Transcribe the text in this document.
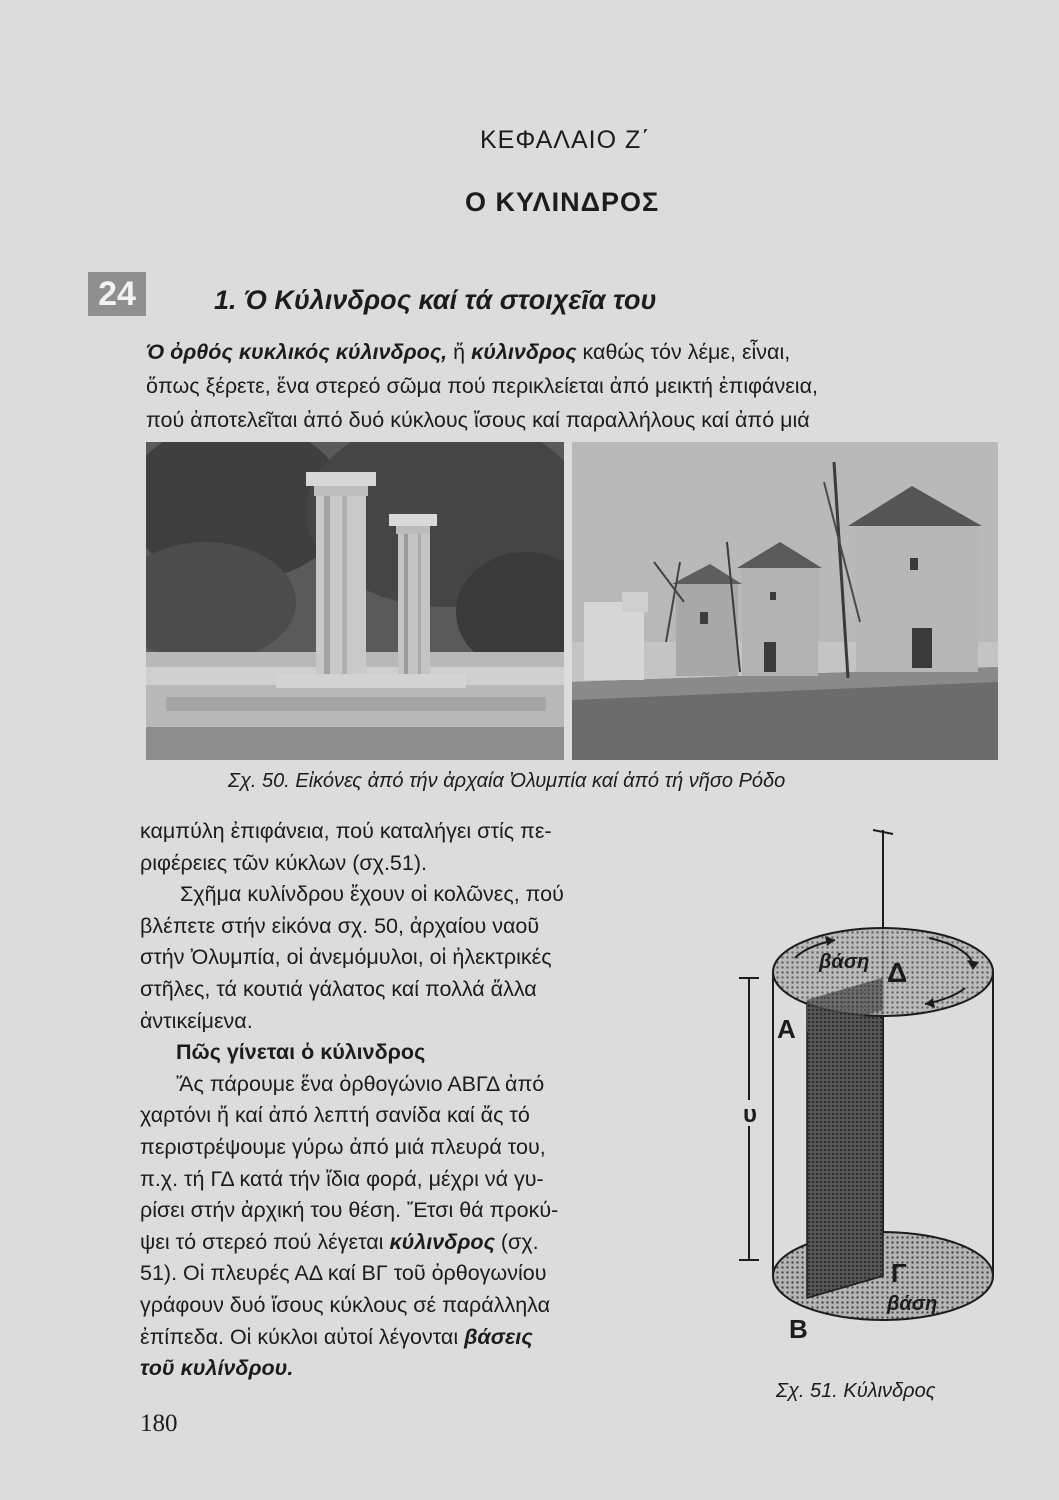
ΚΕΦΑΛΑΙΟ Ζ΄
Ο ΚΥΛΙΝΔΡΟΣ
24	1. Ό Κύλινδρος καί τά στοιχεῖα του
Ό ὀρθός κυκλικός κύλινδρος, ἤ κύλινδρος καθώς τόν λέμε, εἶναι,
ὅπως ξέρετε, ἕνα στερεό σῶμα πού περικλείεται ἀπό μεικτή ἐπιφάνεια,
πού ἀποτελεῖται ἀπό δυό κύκλους ἴσους καί παραλλήλους καί ἀπό μιά
Σχ. 50. Εἰκόνες ἀπό τήν ἀρχαία Ὀλυμπία καί ἀπό τή νῆσο Ρόδο
καμπύλη ἐπιφάνεια, πού καταλήγει στίς πε-
ριφέρειες τῶν κύκλων (σχ.51).
Σχῆμα κυλίνδρου ἔχουν οἱ κολῶνες, πού
βλέπετε στήν εἰκόνα σχ. 50, ἀρχαίου ναοῦ
στήν Ὀλυμπία, οἱ ἀνεμόμυλοι, οἱ ἠλεκτρικές
στῆλες, τά κουτιά γάλατος καί πολλά ἄλλα
ἀντικείμενα.
Πῶς γίνεται ὁ κύλινδρος
Ἄς πάρουμε ἕνα ὀρθογώνιο ΑΒΓΔ ἀπό
χαρτόνι ἤ καί ἀπό λεπτή σανίδα καί ἄς τό
περιστρέψουμε γύρω ἀπό μιά πλευρά του,
π.χ. τή ΓΔ κατά τήν ἴδια φορά, μέχρι νά γυ-
ρίσει στήν ἀρχική του θέση. Ἔτσι θά προκύ-
ψει τό στερεό πού λέγεται κύλινδρος (σχ.
51). Οἱ πλευρές ΑΔ καί ΒΓ τοῦ ὀρθογωνίου
γράφουν δυό ἴσους κύκλους σέ παράλληλα
ἐπίπεδα. Οἱ κύκλοι αὐτοί λέγονται βάσεις
τοῦ κυλίνδρου.
βάση Δ
Α
υ
Γ
βάση
Β
Σχ. 51. Κύλινδρος
180
